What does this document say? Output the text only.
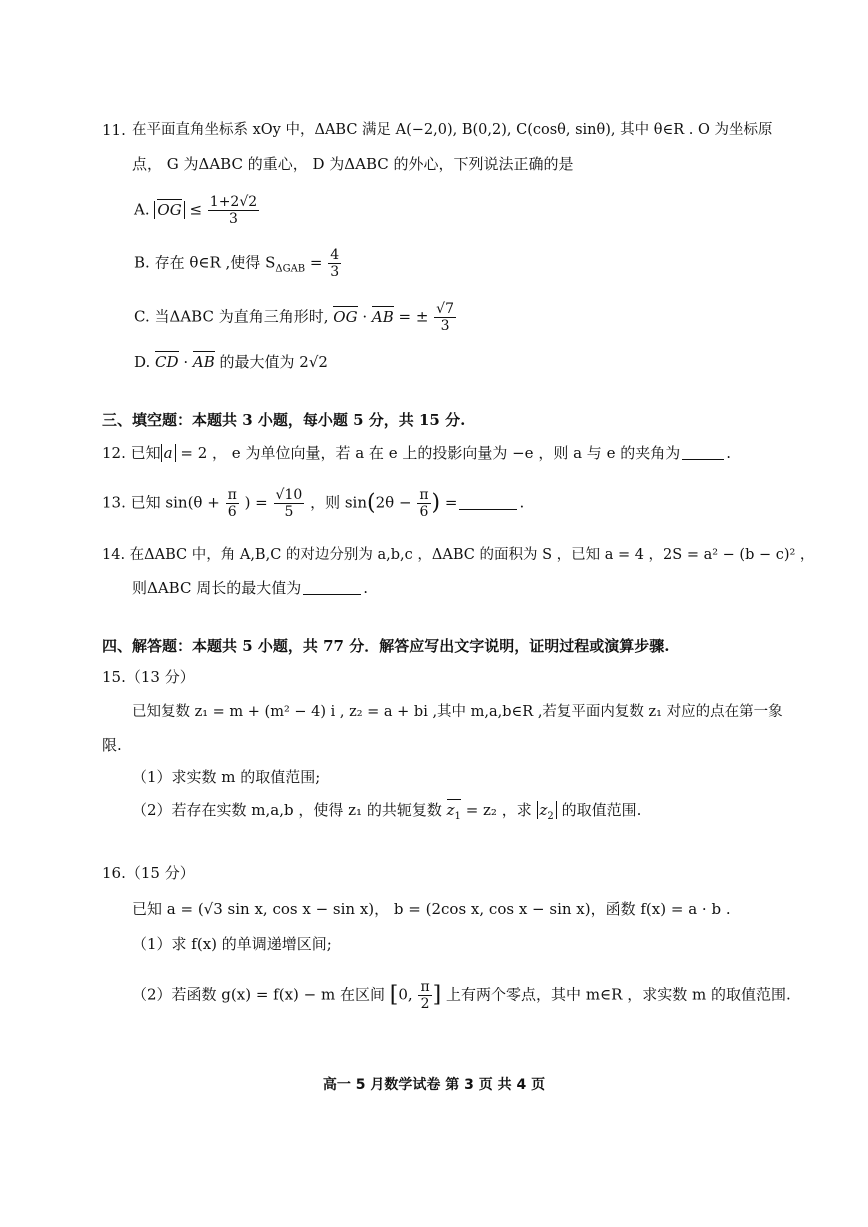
11. 在平面直角坐标系 xOy 中，ΔABC 满足 A(−2,0), B(0,2), C(cosθ, sinθ), 其中 θ∈R . O 为坐标原
点， G 为ΔABC 的重心， D 为ΔABC 的外心，下列说法正确的是
A. OG ≤ $\frac{1+2√2}{3}$
B. 存在 θ∈R ,使得 $S_{\Delta GAB} = \frac{4}{3}$
C. 当ΔABC 为直角三角形时, OG · AB = ± $\frac{√7}{3}$
D. CD · AB 的最大值为 2√2
三、填空题：本题共 3 小题，每小题 5 分，共 15 分.
12. 已知 a = 2 ， e 为单位向量，若 a 在 e 上的投影向量为 −e ，则 a 与 e 的夹角为	.
13. 已知 $\sin(\theta + \frac{\pi}{6}$ ) = $\frac{√10}{5}$ ，则 $\sin(2\theta - \frac{\pi}{6}$ ) =	.
14. 在ΔABC 中，角 A,B,C 的对边分别为 a,b,c ，ΔABC 的面积为 S ，已知 a = 4 ，2S = a² − (b − c)² ，
则ΔABC 周长的最大值为	.
四、解答题：本题共 5 小题，共 77 分．解答应写出文字说明，证明过程或演算步骤.
15.（13 分）
已知复数 z₁ = m + (m² − 4) i , z₂ = a + bi ,其中 m,a,b∈R ,若复平面内复数 z₁ 对应的点在第一象
限.
（1）求实数 m 的取值范围;
（2）若存在实数 m,a,b ，使得 z₁ 的共轭复数 $z_1 = z_2$ ，求 $z_2$ 的取值范围.
16.（15 分）
已知 a = (√3 sin x, cos x − sin x)， b = (2cos x, cos x − sin x)，函数 f(x) = a · b .
（1）求 f(x) 的单调递增区间;
（2）若函数 g(x) = f(x) − m 在区间 [0, $\frac{\pi}{2}$ ] 上有两个零点，其中 m∈R ，求实数 m 的取值范围.
高一 5 月数学试卷 第 3 页 共 4 页
